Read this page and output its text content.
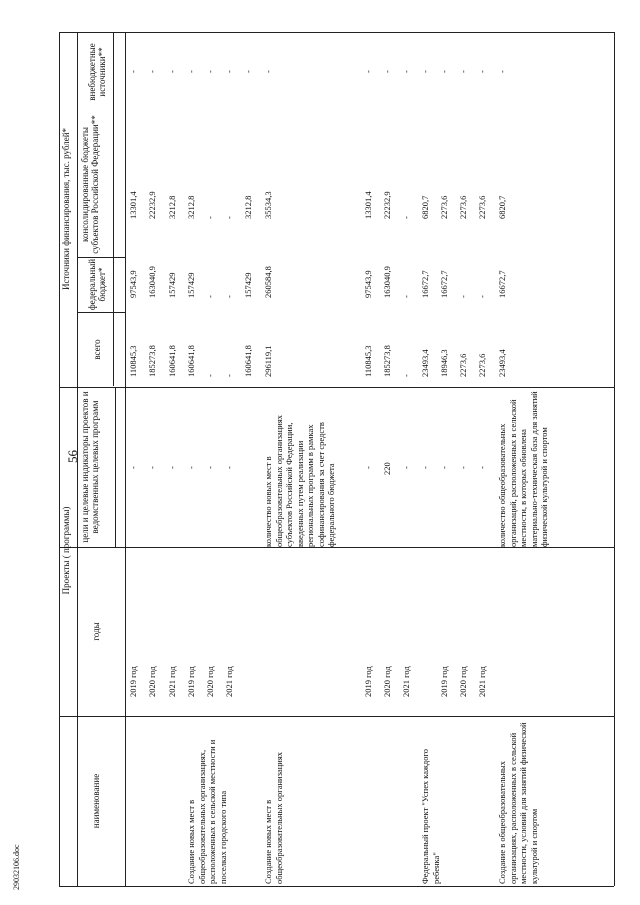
56
29032106.doc
Проекты ( программы)
Источники финансирования, тыс. рублей*
наименование
годы
цели и целевые индикаторы проектов и ведомственных целевых программ
всего
федеральный бюджет*
консолидированные бюджеты субъектов Российской Федерации**
внебюджетные источники**
2019 год
-
110845,3
97543,9
13301,4
-
2020 год
-
185273,8
163040,9
22232,9
-
2021 год
-
160641,8
157429
3212,8
-
Создание новых мест в общеобразовательных организациях, расположенных в сельской местности и поселках городского типа
2019 год
-
160641,8
157429
3212,8
-
2020 год
-
-
-
-
-
2021 год
-
-
-
-
-
160641,8
157429
3212,8
-
Создание новых мест в общеобразовательных организациях
количество новых мест в общеобразовательных организациях субъектов Российской Федерации, введенных путем реализации региональных программ в рамках софинансирования за счет средств федерального бюджета
296119,1
260584,8
35534,3
-
2019 год
-
110845,3
97543,9
13301,4
-
2020 год
220
185273,8
163040,9
22232,9
-
2021 год
-
-
-
-
-
Федеральный проект "Успех каждого ребенка"
-
23493,4
16672,7
6820,7
-
2019 год
-
18946,3
16672,7
2273,6
-
2020 год
-
2273,6
-
2273,6
-
2021 год
-
2273,6
-
2273,6
-
Создание в общеобразовательных организациях, расположенных в сельской местности, условий для занятий физической культурой и спортом
количество общеобразовательных организаций, расположенных в сельской местности, в которых обновлена материально-техническая база для занятий физической культурой и спортом
23493,4
16672,7
6820,7
-
